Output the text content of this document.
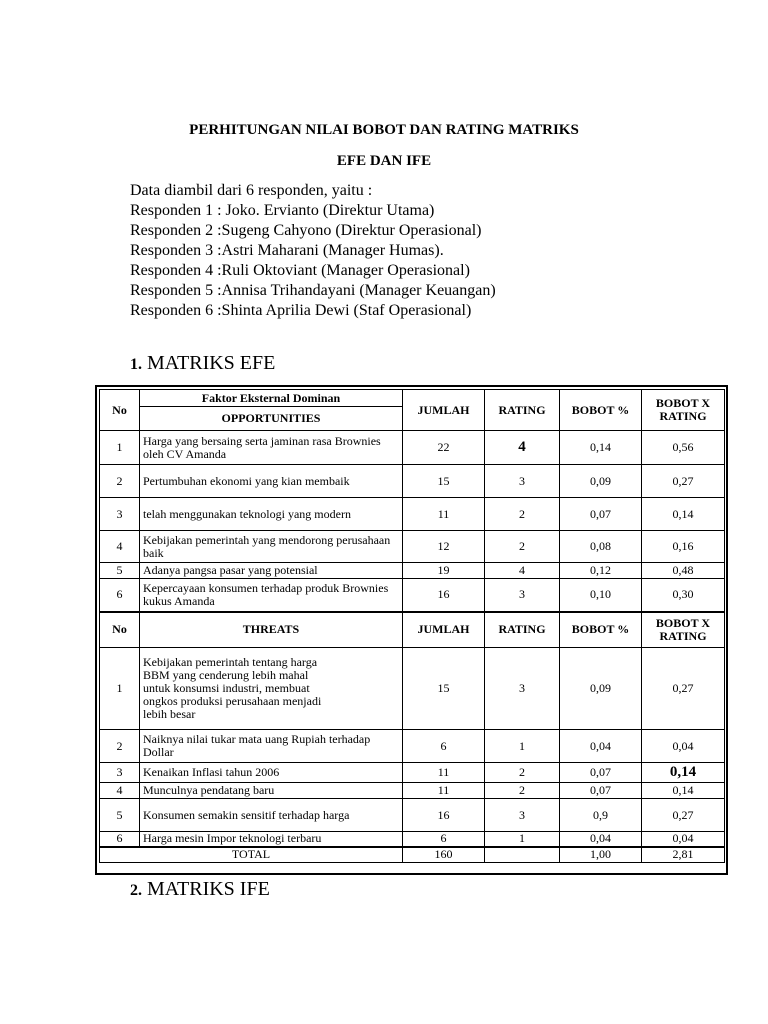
PERHITUNGAN NILAI BOBOT DAN RATING MATRIKS
EFE DAN IFE
Data diambil dari 6 responden, yaitu :
Responden 1 : Joko. Ervianto (Direktur Utama)
Responden 2 :Sugeng Cahyono (Direktur Operasional)
Responden 3 :Astri Maharani (Manager Humas).
Responden 4 :Ruli Oktoviant (Manager Operasional)
Responden 5 :Annisa Trihandayani (Manager Keuangan)
Responden 6 :Shinta Aprilia Dewi (Staf Operasional)
1. MATRIKS EFE
No	Faktor Eksternal Dominan	JUMLAH	RATING	BOBOT %	BOBOT X RATING
	OPPORTUNITIES				
1	Harga yang bersaing serta jaminan rasa Brownies oleh CV Amanda	22	4	0,14	0,56
2	Pertumbuhan ekonomi yang kian membaik	15	3	0,09	0,27
3	telah menggunakan teknologi yang modern	11	2	0,07	0,14
4	Kebijakan pemerintah yang mendorong perusahaan baik	12	2	0,08	0,16
5	Adanya pangsa pasar yang potensial	19	4	0,12	0,48
6	Kepercayaan konsumen terhadap produk Brownies kukus Amanda	16	3	0,10	0,30
No	THREATS	JUMLAH	RATING	BOBOT %	BOBOT X RATING
1	Kebijakan pemerintah tentang harga BBM yang cenderung lebih mahal untuk konsumsi industri, membuat ongkos produksi perusahaan menjadi lebih besar	15	3	0,09	0,27
2	Naiknya nilai tukar mata uang Rupiah terhadap Dollar	6	1	0,04	0,04
3	Kenaikan Inflasi tahun 2006	11	2	0,07	0,14
4	Munculnya pendatang baru	11	2	0,07	0,14
5	Konsumen semakin sensitif terhadap harga	16	3	0,9	0,27
6	Harga mesin Impor teknologi terbaru	6	1	0,04	0,04
TOTAL		160		1,00	2,81
2. MATRIKS IFE
